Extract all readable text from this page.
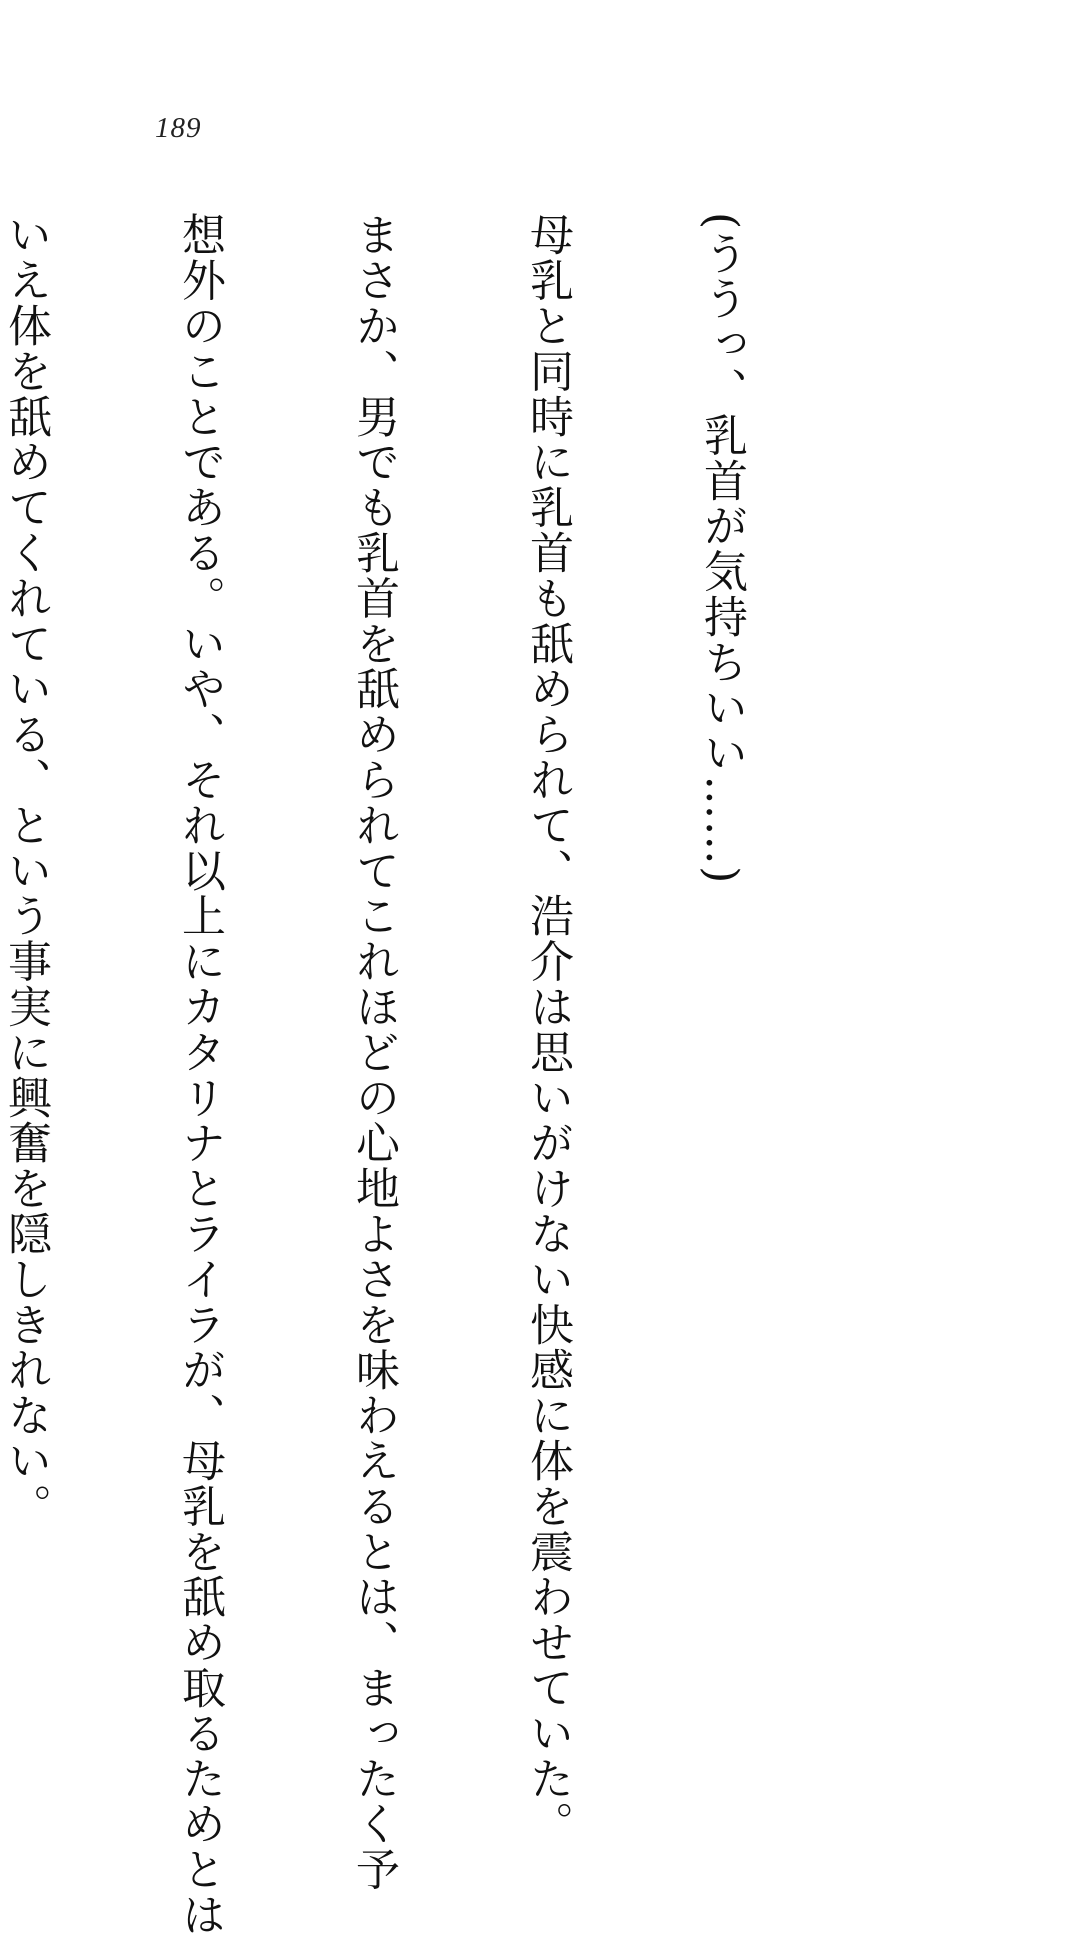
189

(ううっ、乳首が気持ちいい……)

母乳と同時に乳首も舐められて、浩介は思いがけない快感に体を震わせていた。

まさか、男でも乳首を舐められてこれほどの心地よさを味わえるとは、まったく予

想外のことである。いや、それ以上にカタリナとライラが、母乳を舐め取るためとは

いえ体を舐めてくれている、という事実に興奮を隠しきれない。
